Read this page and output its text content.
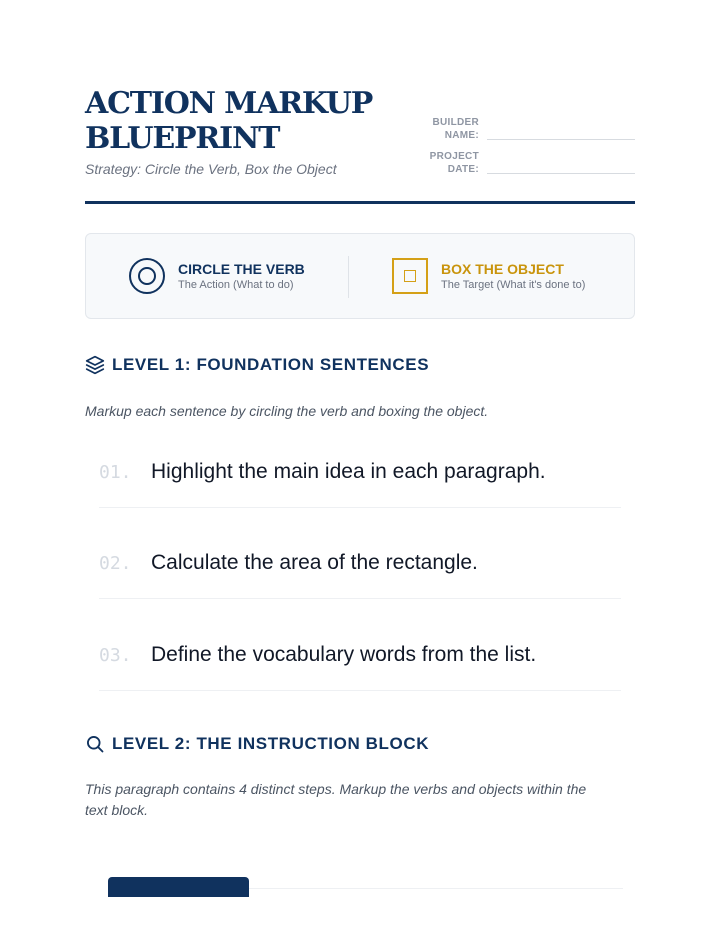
ACTION MARKUP
BLUEPRINT
Strategy: Circle the Verb, Box the Object
BUILDER
NAME:
PROJECT
DATE:
CIRCLE THE VERB
The Action (What to do)
BOX THE OBJECT
The Target (What it's done to)
LEVEL 1: FOUNDATION SENTENCES
Markup each sentence by circling the verb and boxing the object.
01. Highlight the main idea in each paragraph.
02. Calculate the area of the rectangle.
03. Define the vocabulary words from the list.
LEVEL 2: THE INSTRUCTION BLOCK
This paragraph contains 4 distinct steps. Markup the verbs and objects within the
text block.
